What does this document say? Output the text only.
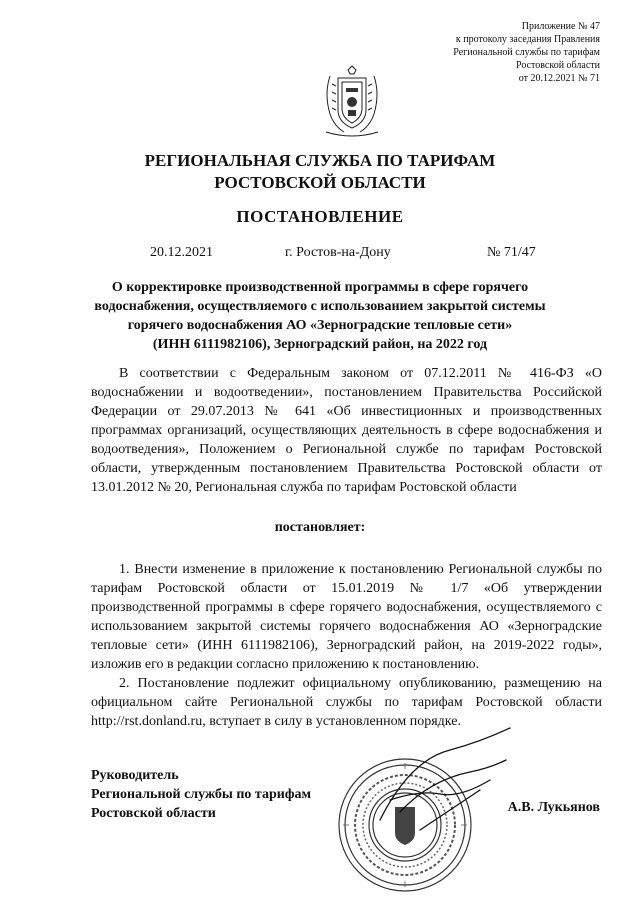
Приложение № 47
к протоколу заседания Правления
Региональной службы по тарифам
Ростовской области
от 20.12.2021 № 71
РЕГИОНАЛЬНАЯ СЛУЖБА ПО ТАРИФАМ
РОСТОВСКОЙ ОБЛАСТИ
ПОСТАНОВЛЕНИЕ
20.12.2021	г. Ростов-на-Дону	№ 71/47
О корректировке производственной программы в сфере горячего
водоснабжения, осуществляемого с использованием закрытой системы
горячего водоснабжения АО «Зерноградские тепловые сети»
(ИНН 6111982106), Зерноградский район, на 2022 год

В соответствии с Федеральным законом от 07.12.2011 № 416-ФЗ «О водоснабжении и водоотведении», постановлением Правительства Российской Федерации от 29.07.2013 № 641 «Об инвестиционных и производственных программах организаций, осуществляющих деятельность в сфере водоснабжения и водоотведения», Положением о Региональной службе по тарифам Ростовской области, утвержденным постановлением Правительства Ростовской области от 13.01.2012 № 20, Региональная служба по тарифам Ростовской области

постановляет:

1. Внести изменение в приложение к постановлению Региональной службы по тарифам Ростовской области от 15.01.2019 № 1/7 «Об утверждении производственной программы в сфере горячего водоснабжения, осуществляемого с использованием закрытой системы горячего водоснабжения АО «Зерноградские тепловые сети» (ИНН 6111982106), Зерноградский район, на 2019-2022 годы», изложив его в редакции согласно приложению к постановлению.

2. Постановление подлежит официальному опубликованию, размещению на официальном сайте Региональной службы по тарифам Ростовской области http://rst.donland.ru, вступает в силу в установленном порядке.

Руководитель
Региональной службы по тарифам
Ростовской области	А.В. Лукьянов
